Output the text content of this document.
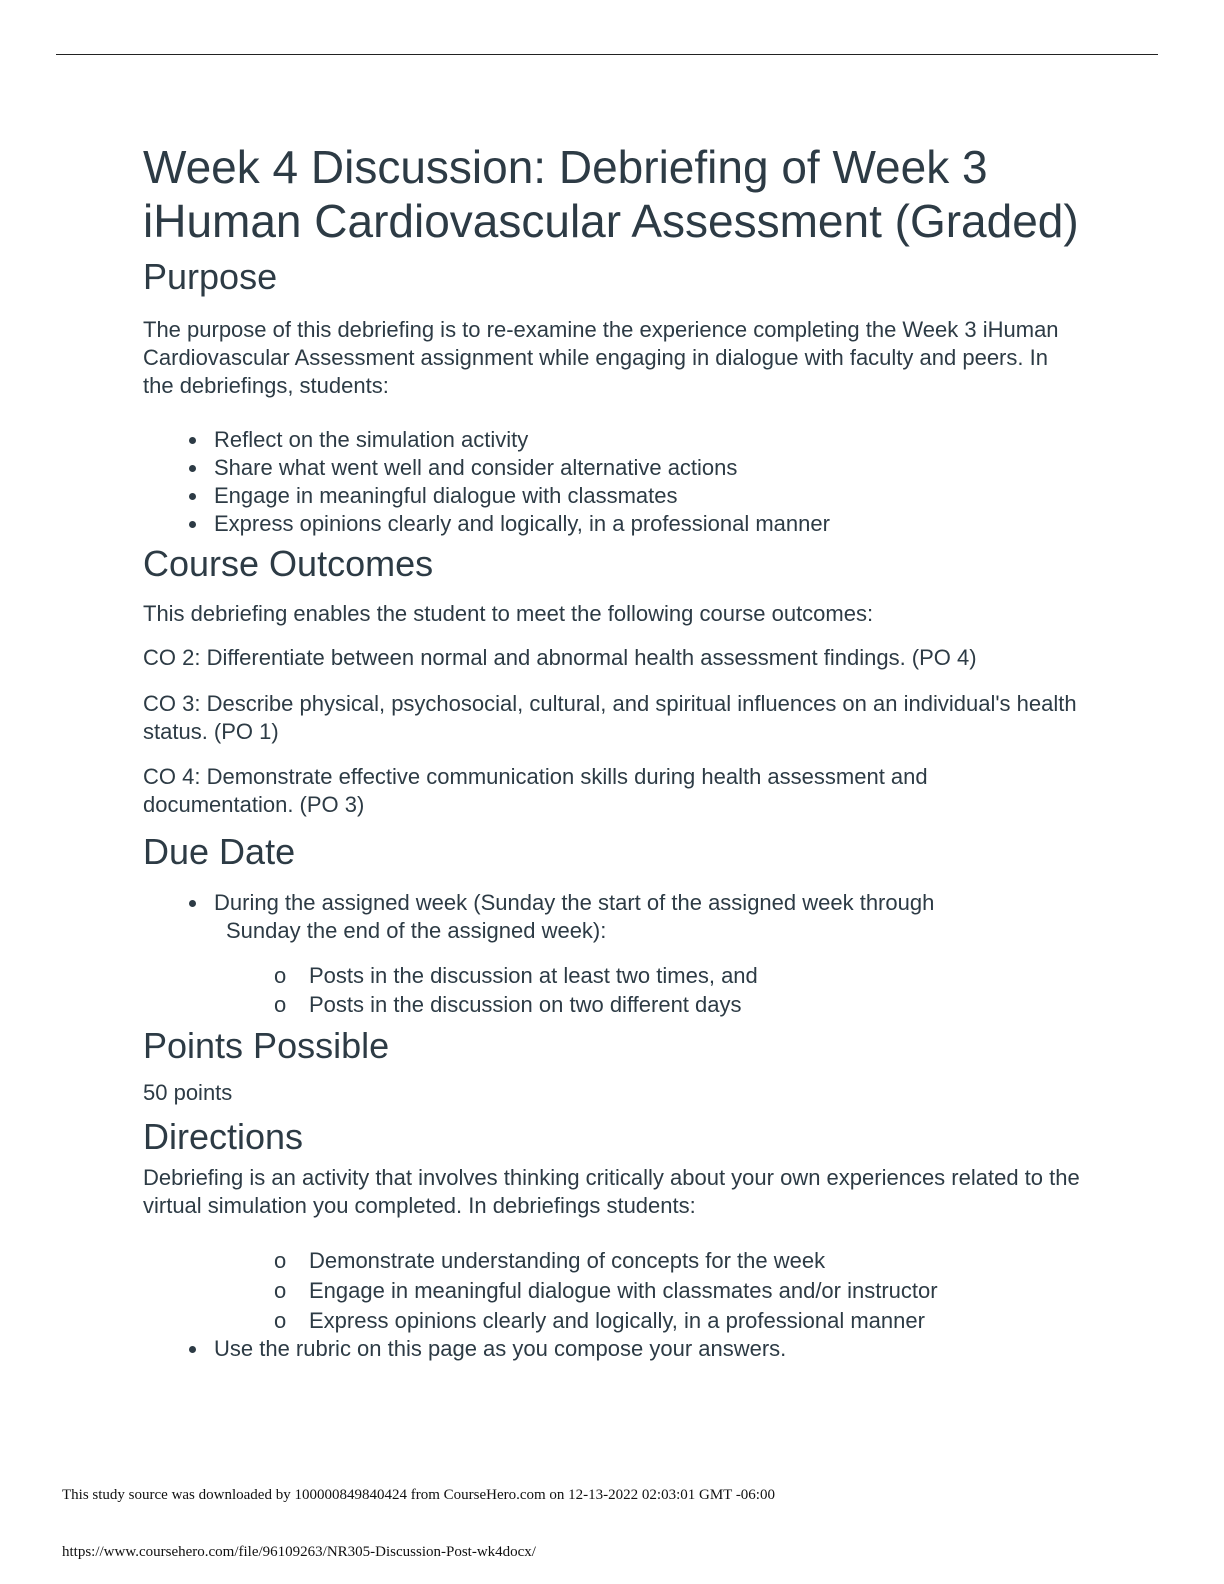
Week 4 Discussion: Debriefing of Week 3 iHuman Cardiovascular Assessment (Graded)
Purpose

The purpose of this debriefing is to re-examine the experience completing the Week 3 iHuman Cardiovascular Assessment assignment while engaging in dialogue with faculty and peers. In the debriefings, students:

Reflect on the simulation activity
Share what went well and consider alternative actions
Engage in meaningful dialogue with classmates
Express opinions clearly and logically, in a professional manner
Course Outcomes

This debriefing enables the student to meet the following course outcomes:

CO 2: Differentiate between normal and abnormal health assessment findings. (PO 4)

CO 3: Describe physical, psychosocial, cultural, and spiritual influences on an individual's health status. (PO 1)

CO 4: Demonstrate effective communication skills during health assessment and documentation. (PO 3)

Due Date
During the assigned week (Sunday the start of the assigned week through
Sunday the end of the assigned week):
o Posts in the discussion at least two times, and
o Posts in the discussion on two different days
Points Possible

50 points

Directions

Debriefing is an activity that involves thinking critically about your own experiences related to the virtual simulation you completed. In debriefings students:

o Demonstrate understanding of concepts for the week
o Engage in meaningful dialogue with classmates and/or instructor
o Express opinions clearly and logically, in a professional manner
Use the rubric on this page as you compose your answers.
This study source was downloaded by 100000849840424 from CourseHero.com on 12-13-2022 02:03:01 GMT -06:00
https://www.coursehero.com/file/96109263/NR305-Discussion-Post-wk4docx/
